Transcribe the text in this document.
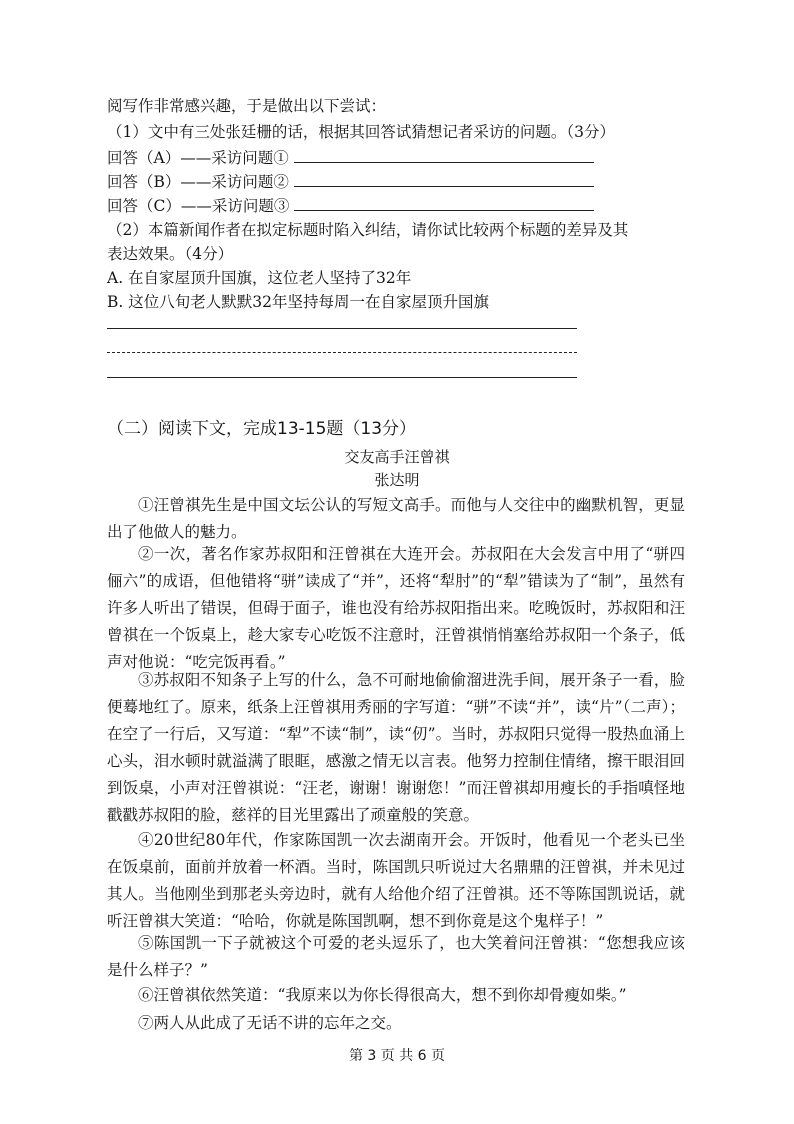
阅写作非常感兴趣，于是做出以下尝试：
（1）文中有三处张廷栅的话，根据其回答试猜想记者采访的问题。（3分）
回答（A）——采访问题①
回答（B）——采访问题②
回答（C）——采访问题③
（2）本篇新闻作者在拟定标题时陷入纠结，请你试比较两个标题的差异及其
表达效果。（4分）
A. 在自家屋顶升国旗，这位老人坚持了32年
B. 这位八旬老人默默32年坚持每周一在自家屋顶升国旗
（二）阅读下文，完成13-15题（13分）
交友高手汪曾祺
张达明
①汪曾祺先生是中国文坛公认的写短文高手。而他与人交往中的幽默机智，更显出了他做人的魅力。
②一次，著名作家苏叔阳和汪曾祺在大连开会。苏叔阳在大会发言中用了“骈四俪六”的成语，但他错将“骈”读成了“并”，还将“犁肘”的“犁”错读为了“制”，虽然有许多人听出了错误，但碍于面子，谁也没有给苏叔阳指出来。吃晚饭时，苏叔阳和汪曾祺在一个饭桌上，趁大家专心吃饭不注意时，汪曾祺悄悄塞给苏叔阳一个条子，低声对他说：“吃完饭再看。”
③苏叔阳不知条子上写的什么，急不可耐地偷偷溜进洗手间，展开条子一看，脸便蓦地红了。原来，纸条上汪曾祺用秀丽的字写道：“骈”不读“并”，读“片”（二声）；在空了一行后，又写道：“犁”不读“制”，读“仞”。当时，苏叔阳只觉得一股热血涌上心头，泪水顿时就溢满了眼眶，感激之情无以言表。他努力控制住情绪，擦干眼泪回到饭桌，小声对汪曾祺说：“汪老，谢谢！谢谢您！”而汪曾祺却用瘦长的手指嗔怪地戳戳苏叔阳的脸，慈祥的目光里露出了顽童般的笑意。
④20世纪80年代，作家陈国凯一次去湖南开会。开饭时，他看见一个老头已坐在饭桌前，面前并放着一杯酒。当时，陈国凯只听说过大名鼎鼎的汪曾祺，并未见过其人。当他刚坐到那老头旁边时，就有人给他介绍了汪曾祺。还不等陈国凯说话，就听汪曾祺大笑道：“哈哈，你就是陈国凯啊，想不到你竟是这个鬼样子！”
⑤陈国凯一下子就被这个可爱的老头逗乐了，也大笑着问汪曾祺：“您想我应该是什么样子？”
⑥汪曾祺依然笑道：“我原来以为你长得很高大，想不到你却骨瘦如柴。”
⑦两人从此成了无话不讲的忘年之交。
第 3 页 共 6 页
